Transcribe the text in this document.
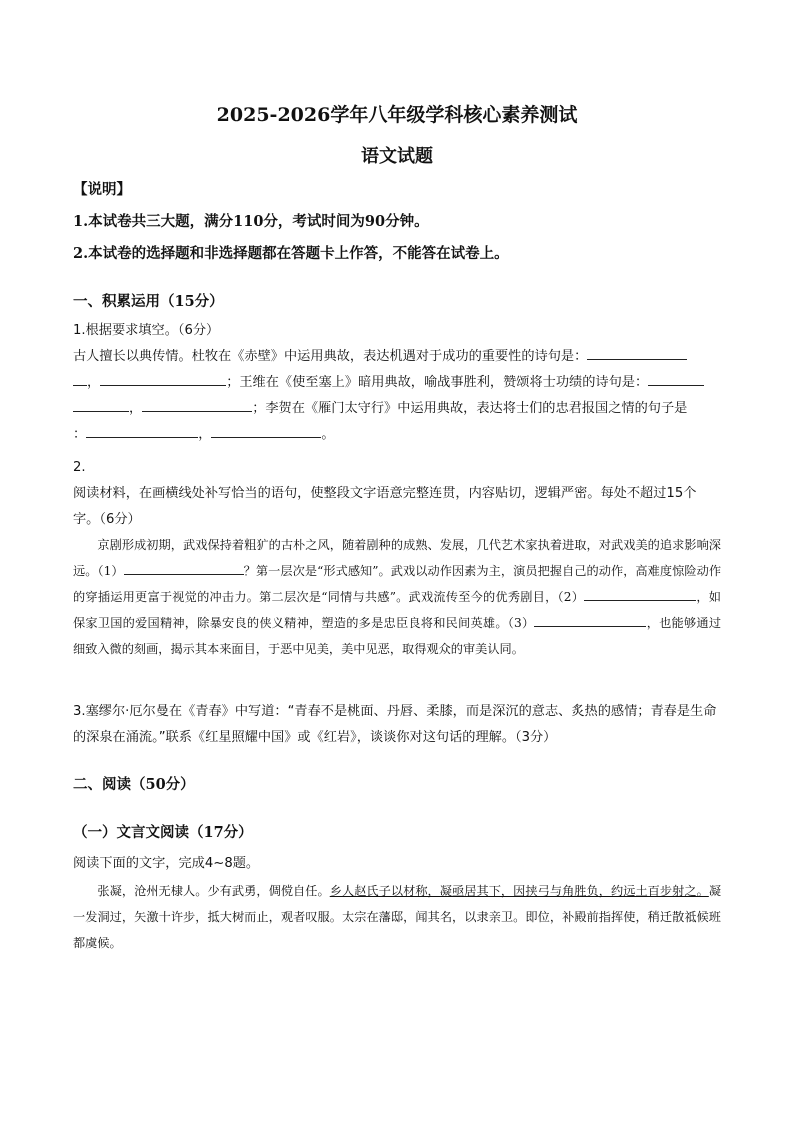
2025-2026学年八年级学科核心素养测试
语文试题
【说明】
1.本试卷共三大题，满分110分，考试时间为90分钟。
2.本试卷的选择题和非选择题都在答题卡上作答，不能答在试卷上。
一、积累运用（15分）

1.根据要求填空。（6分）

古人擅长以典传情。杜牧在《赤壁》中运用典故，表达机遇对于成功的重要性的诗句是：

，	；王维在《使至塞上》暗用典故，喻战事胜利，赞颂将士功绩的诗句是：

，	；李贺在《雁门太守行》中运用典故，表达将士们的忠君报国之情的句子是

：	，	。

2.

阅读材料，在画横线处补写恰当的语句，使整段文字语意完整连贯，内容贴切，逻辑严密。每处不超过15个字。（6分）

京剧形成初期，武戏保持着粗犷的古朴之风，随着剧种的成熟、发展，几代艺术家执着进取，对武戏美的追求影响深远。（1）	？第一层次是“形式感知”。武戏以动作因素为主，演员把握自己的动作，高难度惊险动作的穿插运用更富于视觉的冲击力。第二层次是“同情与共感”。武戏流传至今的优秀剧目，（2）	，如保家卫国的爱国精神，除暴安良的侠义精神，塑造的多是忠臣良将和民间英雄。（3）	，也能够通过细致入微的刻画，揭示其本来面目，于恶中见美，美中见恶，取得观众的审美认同。
3.塞缪尔·厄尔曼在《青春》中写道：“青春不是桃面、丹唇、柔膝，而是深沉的意志、炙热的感情；青春是生命的深泉在涌流。”联系《红星照耀中国》或《红岩》，谈谈你对这句话的理解。（3分）
二、阅读（50分）
（一）文言文阅读（17分）
阅读下面的文字，完成4~8题。
张凝，沧州无棣人。少有武勇，倜傥自任。乡人赵氏子以材称，凝亟居其下，因挟弓与角胜负，约远土百步射之。凝一发洞过，矢激十许步，抵大树而止，观者叹服。太宗在藩邸，闻其名，以隶亲卫。即位，补殿前指挥使，稍迁散祗候班都虞候。
